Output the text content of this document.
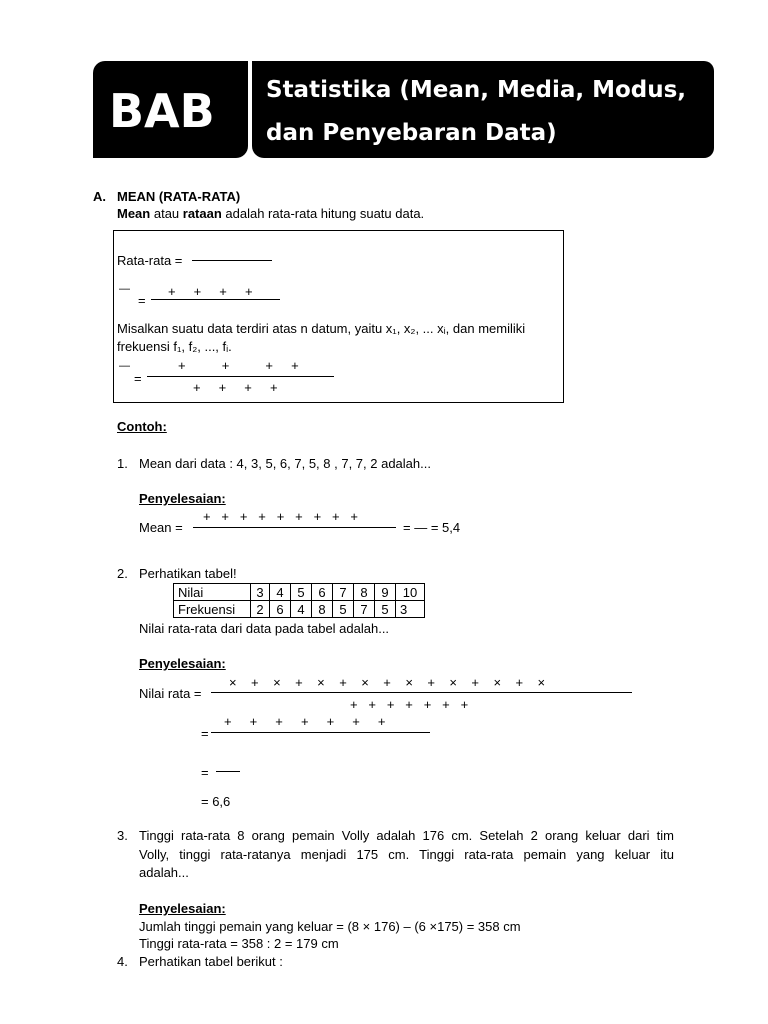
BAB Statistika (Mean, Media, Modus,
dan Penyebaran Data)
A. MEAN (RATA-RATA)
Mean atau rataan adalah rata-rata hitung suatu data.
Rata-rata =
—
=
+     +     +     +
Misalkan suatu data terdiri atas n datum, yaitu x₁, x₂, ... xᵢ, dan memiliki
frekuensi f₁, f₂, ..., fᵢ.
—
=
+          +          +     +
+     +     +     +
Contoh:
1. Mean dari data : 4, 3, 5, 6, 7, 5, 8 , 7, 7, 2 adalah...
Penyelesaian:
+   +   +   +   +   +   +   +   +
Mean =	= — = 5,4
2. Perhatikan tabel!
Nilai	3	4	5	6	7	8	9	10
Frekuensi	2	6	4	8	5	7	5	3
Nilai rata-rata dari data pada tabel adalah...
Penyelesaian:
×    +    ×    +    ×    +    ×    +    ×    +    ×    +    ×    +    ×
Nilai rata =
+   +   +   +   +   +   +
+     +     +     +     +     +     +
=
=
= 6,6
3. Tinggi rata-rata 8 orang pemain Volly adalah 176 cm. Setelah 2 orang keluar dari tim
Volly, tinggi rata-ratanya menjadi 175 cm. Tinggi rata-rata pemain yang keluar itu
adalah...
Penyelesaian:
Jumlah tinggi pemain yang keluar = (8 × 176) – (6 ×175) = 358 cm
Tinggi rata-rata = 358 : 2 = 179 cm
4. Perhatikan tabel berikut :
